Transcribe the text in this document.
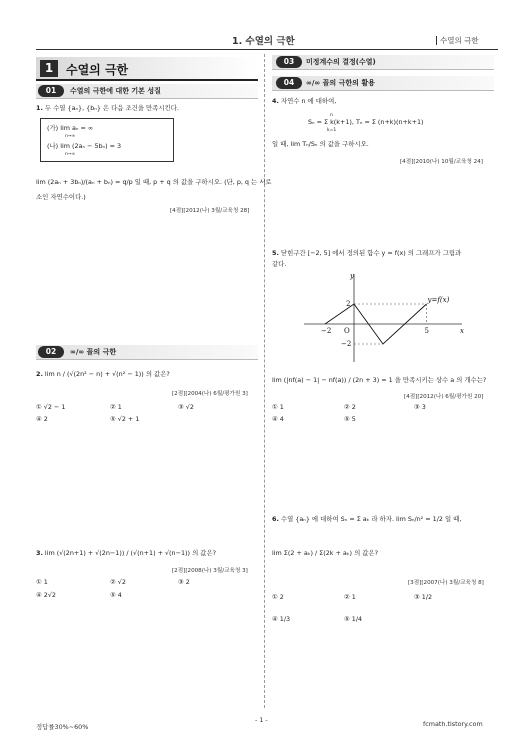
1. 수열의 극한	수열의 극한
1	수열의 극한
01	수열의 극한에 대한 기본 성질
1. 두 수열 {aₙ}, {bₙ} 은 다음 조건을 만족시킨다.
(가) lim aₙ = ∞
n→∞
(나) lim (2aₙ − 5bₙ) = 3
n→∞
lim (2aₙ + 3bₙ)/(aₙ + bₙ) = q/p 일 때, p + q 의 값을 구하시오. (단, p, q 는 서로
소인 자연수이다.)
[4점][2012(나) 3월/교육청 28]
02	∞/∞ 꼴의 극한
2. lim n / (√(2n² − n) + √(n² − 1)) 의 값은?
[2점][2004(나) 6월/평가원 3]
① √2 − 1	② 1	③ √2
④ 2	⑤ √2 + 1
3. lim (√(2n+1) + √(2n−1)) / (√(n+1) + √(n−1)) 의 값은?
[2점][2008(나) 3월/교육청 3]
① 1	② √2	③ 2
④ 2√2	⑤ 4
03	미정계수의 결정(수열)
04	∞/∞ 꼴의 극한의 활용
4. 자연수 n 에 대하여,
Sₙ = Σ k(k+1), Tₙ = Σ (n+k)(n+k+1)
n
k=1
일 때, lim Tₙ/Sₙ 의 값을 구하시오.
[4점][2010(나) 10월/교육청 24]
5. 닫힌구간 [−2, 5] 에서 정의된 함수 y = f(x) 의 그래프가 그림과
같다.
y
x
y=f(x)
O
2
−2	5
−2
lim (|nf(a) − 1| − nf(a)) / (2n + 3) = 1 을 만족시키는 상수 a 의 개수는?
[4점][2012(나) 6월/평가원 20]
① 1	② 2	③ 3
④ 4	⑤ 5
6. 수열 {aₙ} 에 대하여 Sₙ = Σ aₖ 라 하자. lim Sₙ/n² = 1/2 일 때,
lim Σ(2 + aₖ) / Σ(2k + aₖ) 의 값은?
[3점][2007(나) 3월/교육청 8]
① 2	② 1	③ 1/2
④ 1/3	⑤ 1/4
정답률30%~60%
- 1 -	fcmath.tistory.com
